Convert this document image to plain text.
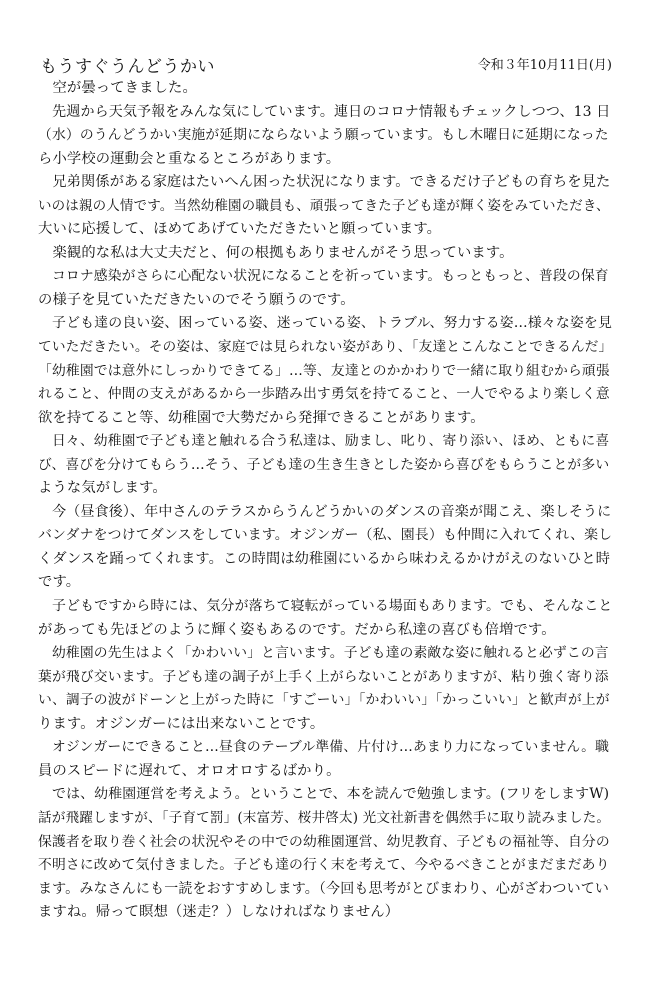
もうすぐうんどうかい	令和３年10月11日(月)
　空が曇ってきました。
　先週から天気予報をみんな気にしています。連日のコロナ情報もチェックしつつ、13 日
（水）のうんどうかい実施が延期にならないよう願っています。もし木曜日に延期になった
ら小学校の運動会と重なるところがあります。
　兄弟関係がある家庭はたいへん困った状況になります。できるだけ子どもの育ちを見た
いのは親の人情です。当然幼稚園の職員も、頑張ってきた子ども達が輝く姿をみていただき、
大いに応援して、ほめてあげていただきたいと願っています。
　楽観的な私は大丈夫だと、何の根拠もありませんがそう思っています。
　コロナ感染がさらに心配ない状況になることを祈っています。もっともっと、普段の保育
の様子を見ていただきたいのでそう願うのです。
　子ども達の良い姿、困っている姿、迷っている姿、トラブル、努力する姿…様々な姿を見
ていただきたい。その姿は、家庭では見られない姿があり、「友達とこんなことできるんだ」
「幼稚園では意外にしっかりできてる」…等、友達とのかかわりで一緒に取り組むから頑張
れること、仲間の支えがあるから一歩踏み出す勇気を持てること、一人でやるより楽しく意
欲を持てること等、幼稚園で大勢だから発揮できることがあります。
　日々、幼稚園で子ども達と触れる合う私達は、励まし、叱り、寄り添い、ほめ、ともに喜
び、喜びを分けてもらう…そう、子ども達の生き生きとした姿から喜びをもらうことが多い
ような気がします。
　今（昼食後）、年中さんのテラスからうんどうかいのダンスの音楽が聞こえ、楽しそうに
バンダナをつけてダンスをしています。オジンガー（私、園長）も仲間に入れてくれ、楽し
くダンスを踊ってくれます。この時間は幼稚園にいるから味わえるかけがえのないひと時
です。
　子どもですから時には、気分が落ちて寝転がっている場面もあります。でも、そんなこと
があっても先ほどのように輝く姿もあるのです。だから私達の喜びも倍増です。
　幼稚園の先生はよく「かわいい」と言います。子ども達の素敵な姿に触れると必ずこの言
葉が飛び交います。子ども達の調子が上手く上がらないことがありますが、粘り強く寄り添
い、調子の波がドーンと上がった時に「すごーい」「かわいい」「かっこいい」と歓声が上が
ります。オジンガーには出来ないことです。
　オジンガーにできること…昼食のテーブル準備、片付け…あまり力になっていません。職
員のスピードに遅れて、オロオロするばかり。
　では、幼稚園運営を考えよう。ということで、本を読んで勉強します。(フリをしますW)
話が飛躍しますが、「子育て罰」(末富芳、桜井啓太) 光文社新書を偶然手に取り読みました。
保護者を取り巻く社会の状況やその中での幼稚園運営、幼児教育、子どもの福祉等、自分の
不明さに改めて気付きました。子ども達の行く末を考えて、今やるべきことがまだまだあり
ます。みなさんにも一読をおすすめします。（今回も思考がとびまわり、心がざわついてい
ますね。帰って瞑想（迷走？）しなければなりません）
